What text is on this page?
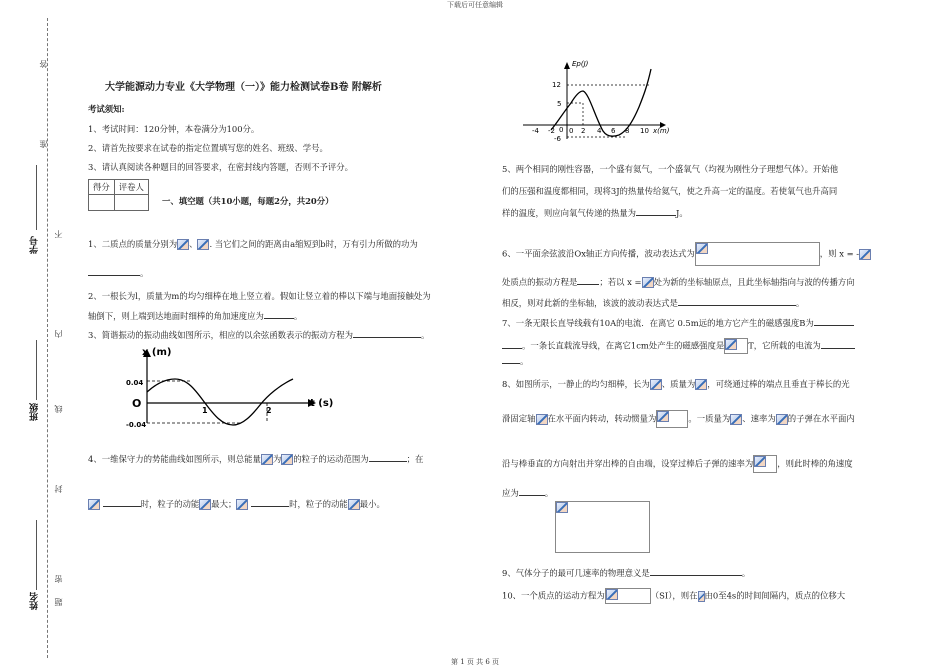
下载后可任意编辑
第 1 页 共 6 页
答
准
不
内
线
封
密
题
学号
班级
姓名
大学能源动力专业《大学物理（一）》能力检测试卷B卷 附解析
考试须知:
1、考试时间：120分钟，本卷满分为100分。
2、请首先按要求在试卷的指定位置填写您的姓名、班级、学号。
3、请认真阅读各种题目的回答要求，在密封线内答题，否则不予评分。
得分	评卷人

一、填空题（共10小题，每题2分，共20分）
1、二质点的质量分别为 、 . 当它们之间的距离由a缩短到b时，万有引力所做的功为
。
2、一根长为l，质量为m的均匀细棒在地上竖立着。假如让竖立着的棒以下端与地面接触处为
轴倒下，则上端到达地面时细棒的角加速度应为	。
3、简谐振动的振动曲线如图所示，相应的以余弦函数表示的振动方程为	。
x (m)
t (s)
O
0.04
-0.04
1	2
4、一维保守力的势能曲线如图所示，则总能量 为 的粒子的运动范围为	；在
时，粒子的动能 最大；	时，粒子的动能 最小。
Ep(J)
x(m)
12
5
0
-6
-4 -2 0 2 4 6 8 10
5、两个相同的刚性容器，一个盛有氦气，一个盛氧气（均视为刚性分子理想气体）。开始他
们的压强和温度都相同，现将3J的热量传给氦气，使之升高一定的温度。若使氧气也升高同
样的温度，则应向氧气传递的热量为	J。
6、一平面余弦波沿Ox轴正方向传播，波动表达式为	，则 x = -
处质点的振动方程是	；若以 x = 处为新的坐标轴原点，且此坐标轴指向与波的传播方向
相反，则对此新的坐标轴，该波的波动表达式是	。
7、一条无限长直导线载有10A的电流．在离它 0.5m远的地方它产生的磁感强度B为
。一条长直载流导线，在离它1cm处产生的磁感强度是	T，它所载的电流为
。
8、如图所示，一静止的均匀细棒，长为 、质量为 ，可绕通过棒的端点且垂直于棒长的光
滑固定轴 在水平面内转动，转动惯量为	。一质量为 、速率为 的子弹在水平面内
沿与棒垂直的方向射出并穿出棒的自由端，设穿过棒后子弹的速率为	，则此时棒的角速度
应为	。
9、气体分子的最可几速率的物理意义是	。
10、一个质点的运动方程为	（SI），则在 由0至4s的时间间隔内，质点的位移大
